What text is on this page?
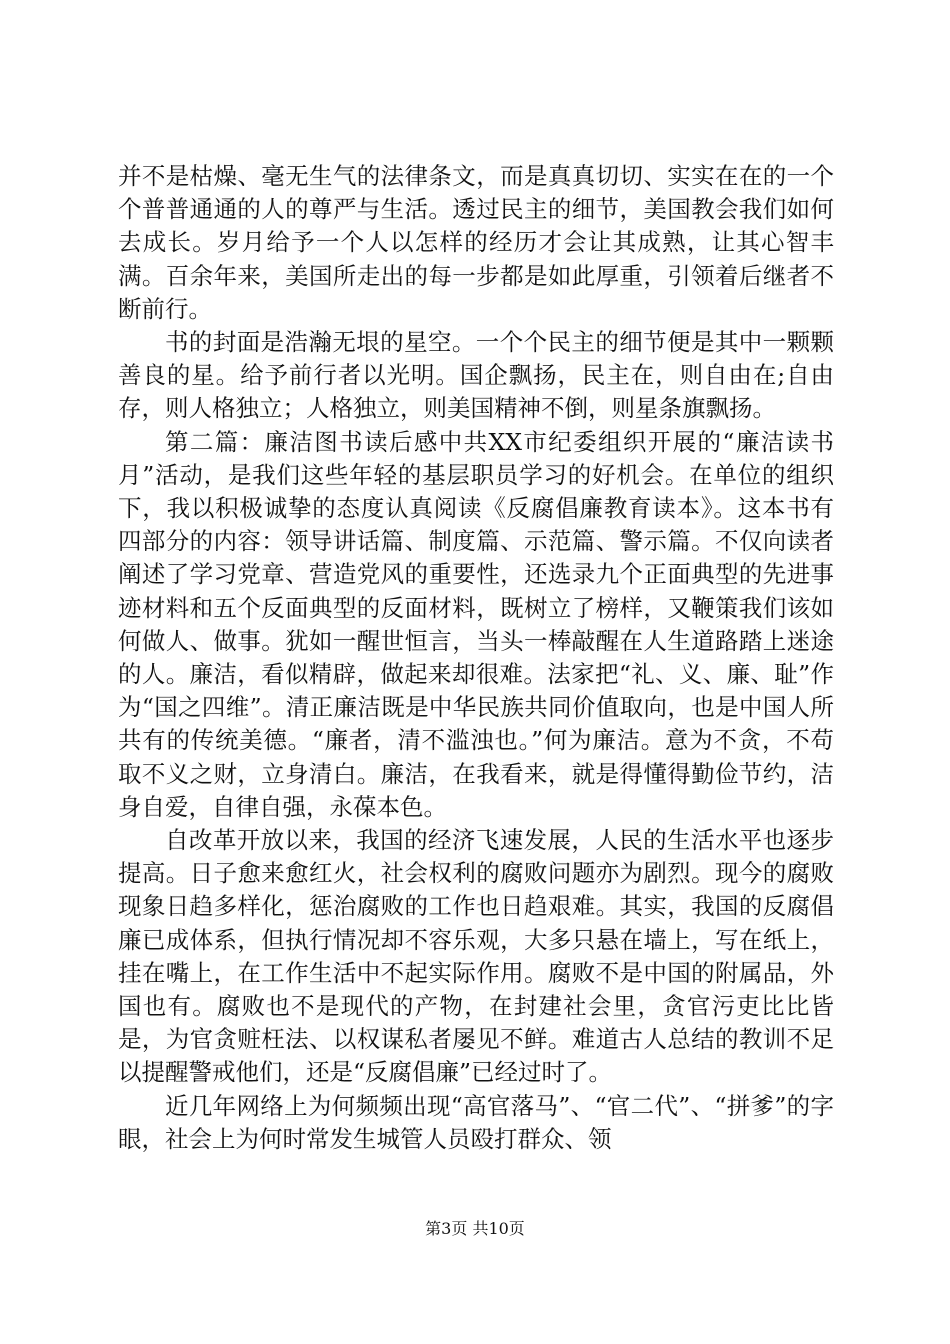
并不是枯燥、毫无生气的法律条文，而是真真切切、实实在在的一个个普普通通的人的尊严与生活。透过民主的细节，美国教会我们如何去成长。岁月给予一个人以怎样的经历才会让其成熟，让其心智丰满。百余年来，美国所走出的每一步都是如此厚重，引领着后继者不断前行。

书的封面是浩瀚无垠的星空。一个个民主的细节便是其中一颗颗善良的星。给予前行者以光明。国企飘扬，民主在，则自由在;自由存，则人格独立；人格独立，则美国精神不倒，则星条旗飘扬。

第二篇：廉洁图书读后感中共XX市纪委组织开展的“廉洁读书月”活动，是我们这些年轻的基层职员学习的好机会。在单位的组织下，我以积极诚挚的态度认真阅读《反腐倡廉教育读本》。这本书有四部分的内容：领导讲话篇、制度篇、示范篇、警示篇。不仅向读者阐述了学习党章、营造党风的重要性，还选录九个正面典型的先进事迹材料和五个反面典型的反面材料，既树立了榜样，又鞭策我们该如何做人、做事。犹如一醒世恒言，当头一棒敲醒在人生道路踏上迷途的人。廉洁，看似精辟，做起来却很难。法家把“礼、义、廉、耻”作为“国之四维”。清正廉洁既是中华民族共同价值取向，也是中国人所共有的传统美德。“廉者，清不滥浊也。”何为廉洁。意为不贪，不苟取不义之财，立身清白。廉洁，在我看来，就是得懂得勤俭节约，洁身自爱，自律自强，永葆本色。

自改革开放以来，我国的经济飞速发展，人民的生活水平也逐步提高。日子愈来愈红火，社会权利的腐败问题亦为剧烈。现今的腐败现象日趋多样化，惩治腐败的工作也日趋艰难。其实，我国的反腐倡廉已成体系，但执行情况却不容乐观，大多只悬在墙上，写在纸上，挂在嘴上，在工作生活中不起实际作用。腐败不是中国的附属品，外国也有。腐败也不是现代的产物，在封建社会里，贪官污吏比比皆是，为官贪赃枉法、以权谋私者屡见不鲜。难道古人总结的教训不足以提醒警戒他们，还是“反腐倡廉”已经过时了。

近几年网络上为何频频出现“高官落马”、“官二代”、“拼爹”的字眼，社会上为何时常发生城管人员殴打群众、领

第3页 共10页
